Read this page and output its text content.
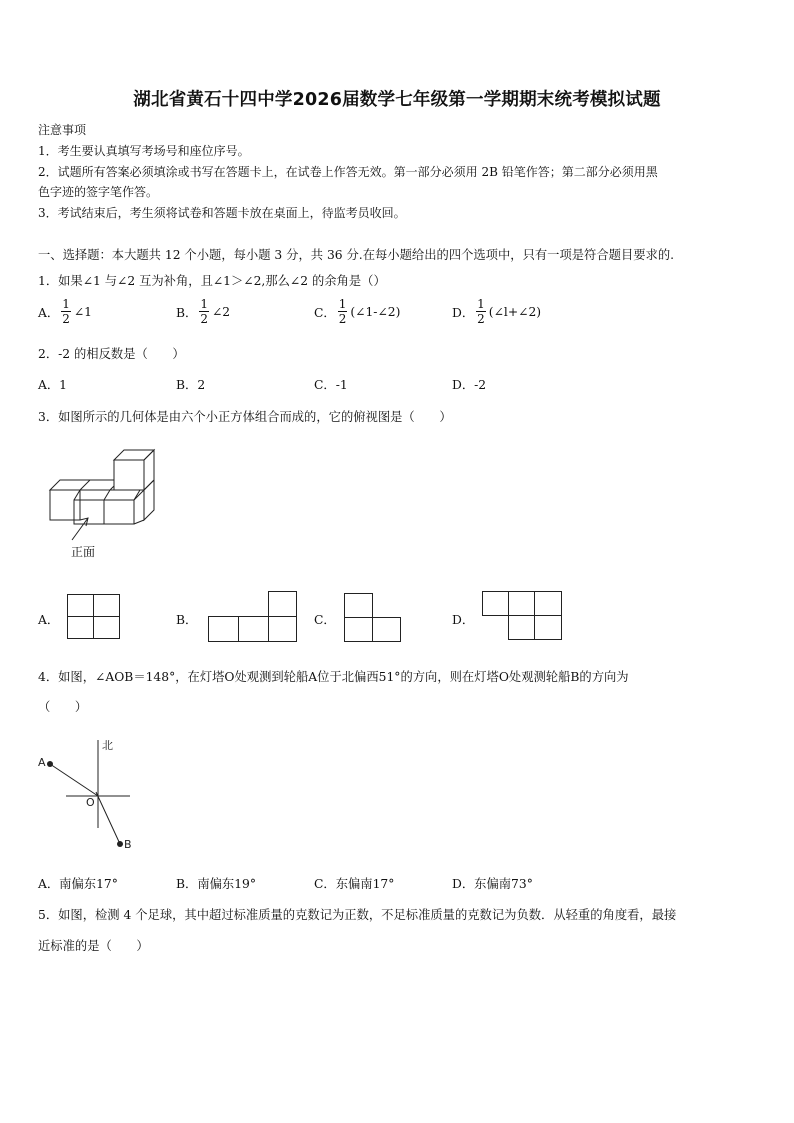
湖北省黄石十四中学2026届数学七年级第一学期期末统考模拟试题
注意事项
1．考生要认真填写考场号和座位序号。
2．试题所有答案必须填涂或书写在答题卡上，在试卷上作答无效。第一部分必须用 2B 铅笔作答；第二部分必须用黑
色字迹的签字笔作答。
3．考试结束后，考生须将试卷和答题卡放在桌面上，待监考员收回。
一、选择题：本大题共 12 个小题，每小题 3 分，共 36 分.在每小题给出的四个选项中，只有一项是符合题目要求的.
1．如果∠1 与∠2 互为补角，且∠1＞∠2,那么∠2 的余角是（）
A． $\frac{1}{2}$ ∠1	B． $\frac{1}{2}$ ∠2	C． $\frac{1}{2}$ (∠1-∠2)	D． $\frac{1}{2}$ (∠l+∠2)
2．-2 的相反数是（　　）
A．1	B．2	C．-1	D．-2
3．如图所示的几何体是由六个小正方体组合而成的，它的俯视图是（　　）
正面
A．	B．	C．	D．
4．如图，∠AOB＝148°，在灯塔O处观测到轮船A位于北偏西51°的方向，则在灯塔O处观测轮船B的方向为
（　　）
北
A
O
B
A．南偏东17°	B．南偏东19°	C．东偏南17°	D．东偏南73°
5．如图，检测 4 个足球，其中超过标准质量的克数记为正数，不足标准质量的克数记为负数．从轻重的角度看，最接
近标准的是（　　）
